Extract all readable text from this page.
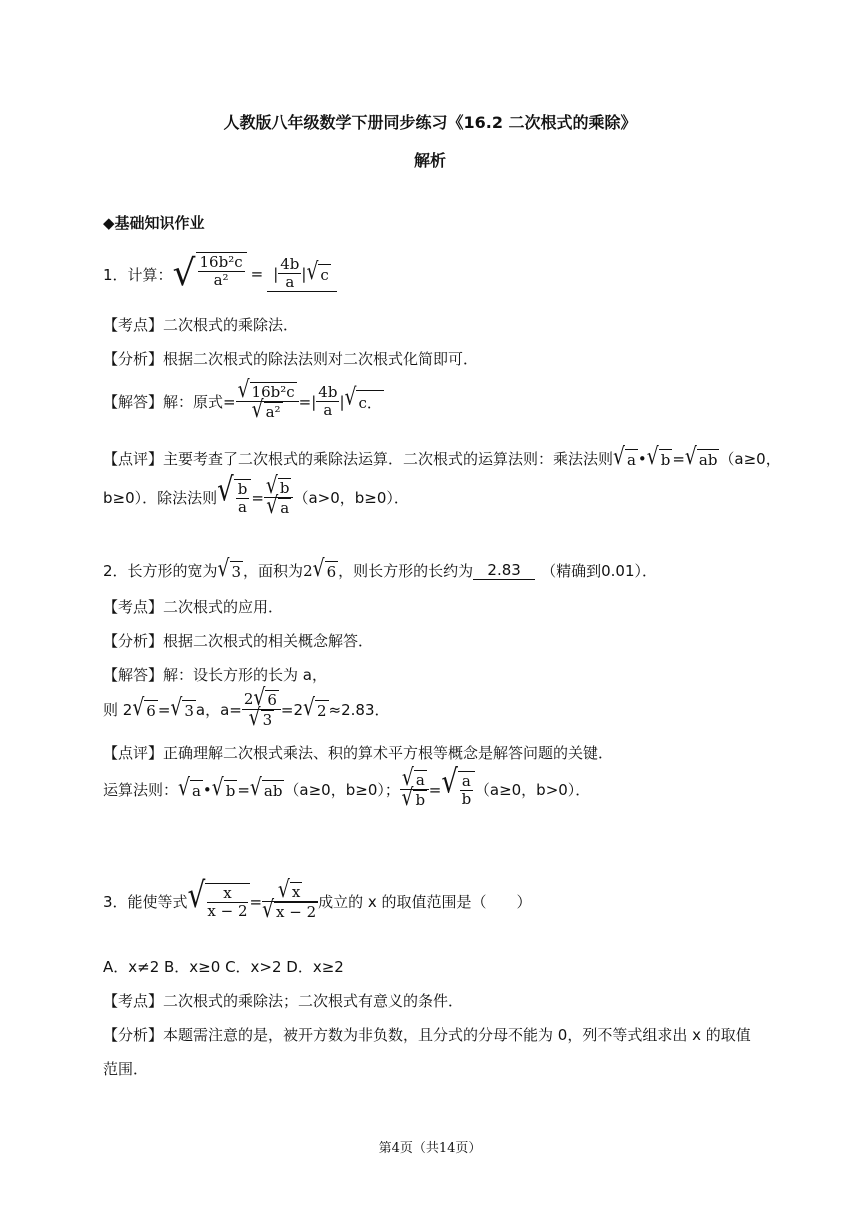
人教版八年级数学下册同步练习《16.2 二次根式的乘除》
解析
◆基础知识作业
1．计算： √ $\frac{\text{16b²c}}{\text{a²}}$ = | $\frac{4b}{a}$ | √ c
【考点】二次根式的乘除法．
【分析】根据二次根式的除法法则对二次根式化简即可．
【解答】解：原式= $\frac{\text{√ 16b²c}}{\text{√ a²}}$ = | $\frac{4b}{a}$ | √ c．
【点评】主要考查了二次根式的乘除法运算．二次根式的运算法则：乘法法则 √ a • √ b = √ ab （a≥0，
b≥0）．除法法则 √ $\frac{b}{a} = \frac{√ b}{√ a} (a>0$，b≥0）．
2．长方形的宽为 √ 3 ，面积为 2 √ 6 ，则长方形的长约为 2.83	（精确到0.01）．
【考点】二次根式的应用．
【分析】根据二次根式的相关概念解答．
【解答】解：设长方形的长为 a，
则 2 √ 6 = √ 3 a，$a= \frac{2 √ 6}{√ 3} =2$ √ 2 ≈2.83．
【点评】正确理解二次根式乘法、积的算术平方根等概念是解答问题的关键．
运算法则： √ a • √ b = √ ab （a≥0，b≥0）； $\frac{√ a}{√ b}$ = √ $\frac{a}{b} (a\ge 0$，b>0）．
3．能使等式 √ $\frac{x}{x - 2} = \frac{√ x}{√ x - 2}$ 成立的 x 的取值范围是（　　）
A．x≠2 B．x≥0 C．x>2 D．x≥2
【考点】二次根式的乘除法；二次根式有意义的条件．
【分析】本题需注意的是，被开方数为非负数，且分式的分母不能为 0，列不等式组求出 x 的取值
范围．
第4页（共14页）
